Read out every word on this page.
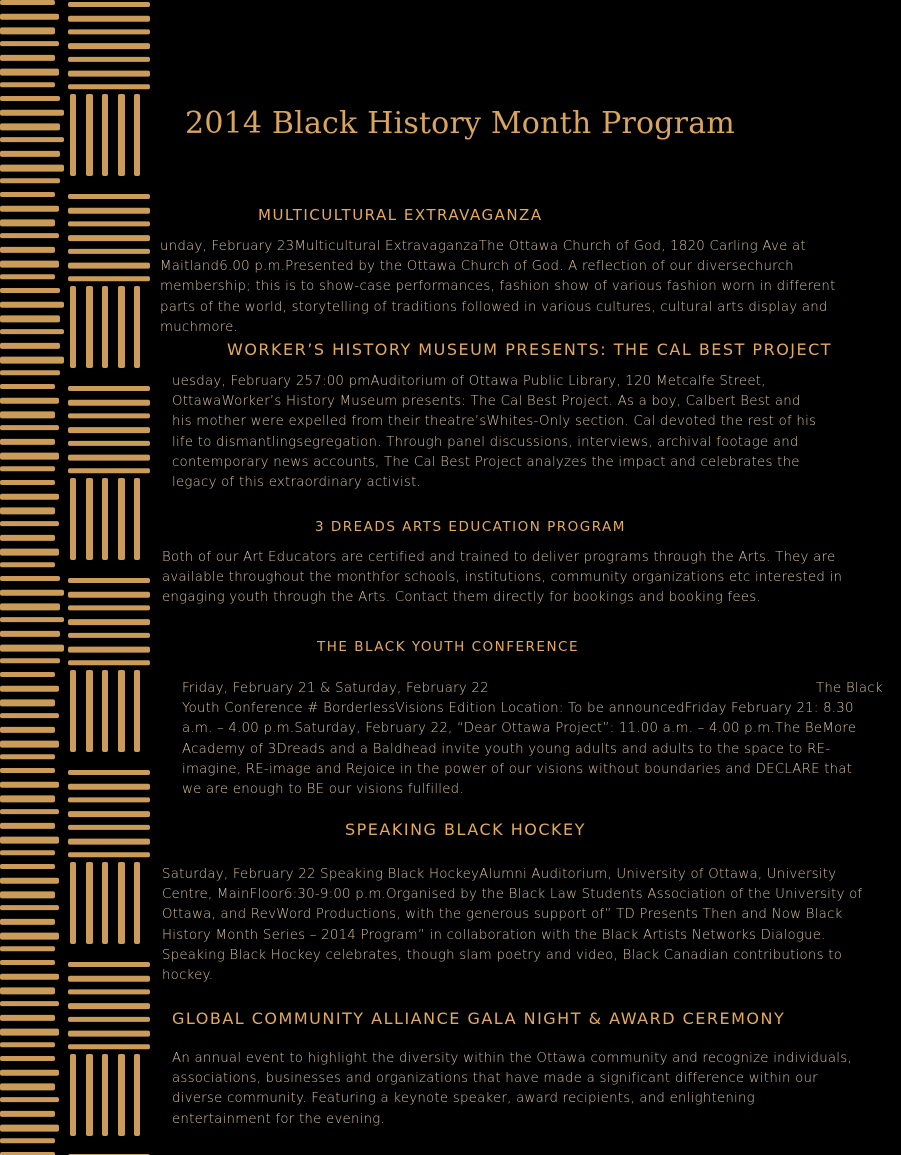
2014 Black History Month Program
MULTICULTURAL EXTRAVAGANZA
unday, February 23Multicultural ExtravaganzaThe Ottawa Church of God, 1820 Carling Ave at
Maitland6.00 p.m.Presented by the Ottawa Church of God. A reflection of our diversechurch
membership; this is to show-case performances, fashion show of various fashion worn in different
parts of the world, storytelling of traditions followed in various cultures, cultural arts display and
muchmore.
WORKER’S HISTORY MUSEUM PRESENTS: THE CAL BEST PROJECT
uesday, February 257:00 pmAuditorium of Ottawa Public Library, 120 Metcalfe Street,
OttawaWorker’s History Museum presents: The Cal Best Project. As a boy, Calbert Best and
his mother were expelled from their theatre’sWhites-Only section. Cal devoted the rest of his
life to dismantlingsegregation. Through panel discussions, interviews, archival footage and
contemporary news accounts, The Cal Best Project analyzes the impact and celebrates the
legacy of this extraordinary activist.
3 DREADS ARTS EDUCATION PROGRAM
Both of our Art Educators are certified and trained to deliver programs through the Arts. They are
available throughout the monthfor schools, institutions, community organizations etc interested in
engaging youth through the Arts. Contact them directly for bookings and booking fees.
THE BLACK YOUTH CONFERENCE
Friday, February 21 & Saturday, February 22	The Black
Youth Conference # BorderlessVisions Edition Location: To be announcedFriday February 21: 8.30
a.m. – 4.00 p.m.Saturday, February 22, “Dear Ottawa Project”: 11.00 a.m. – 4.00 p.m.The BeMore
Academy of 3Dreads and a Baldhead invite youth young adults and adults to the space to RE-
imagine, RE-image and Rejoice in the power of our visions without boundaries and DECLARE that
we are enough to BE our visions fulfilled.
SPEAKING BLACK HOCKEY
Saturday, February 22 Speaking Black HockeyAlumni Auditorium, University of Ottawa, University
Centre, MainFloor6:30-9:00 p.m.Organised by the Black Law Students Association of the University of
Ottawa, and RevWord Productions, with the generous support of” TD Presents Then and Now Black
History Month Series – 2014 Program” in collaboration with the Black Artists Networks Dialogue.
Speaking Black Hockey celebrates, though slam poetry and video, Black Canadian contributions to
hockey.
GLOBAL COMMUNITY ALLIANCE GALA NIGHT & AWARD CEREMONY
An annual event to highlight the diversity within the Ottawa community and recognize individuals,
associations, businesses and organizations that have made a significant difference within our
diverse community. Featuring a keynote speaker, award recipients, and enlightening
entertainment for the evening.
